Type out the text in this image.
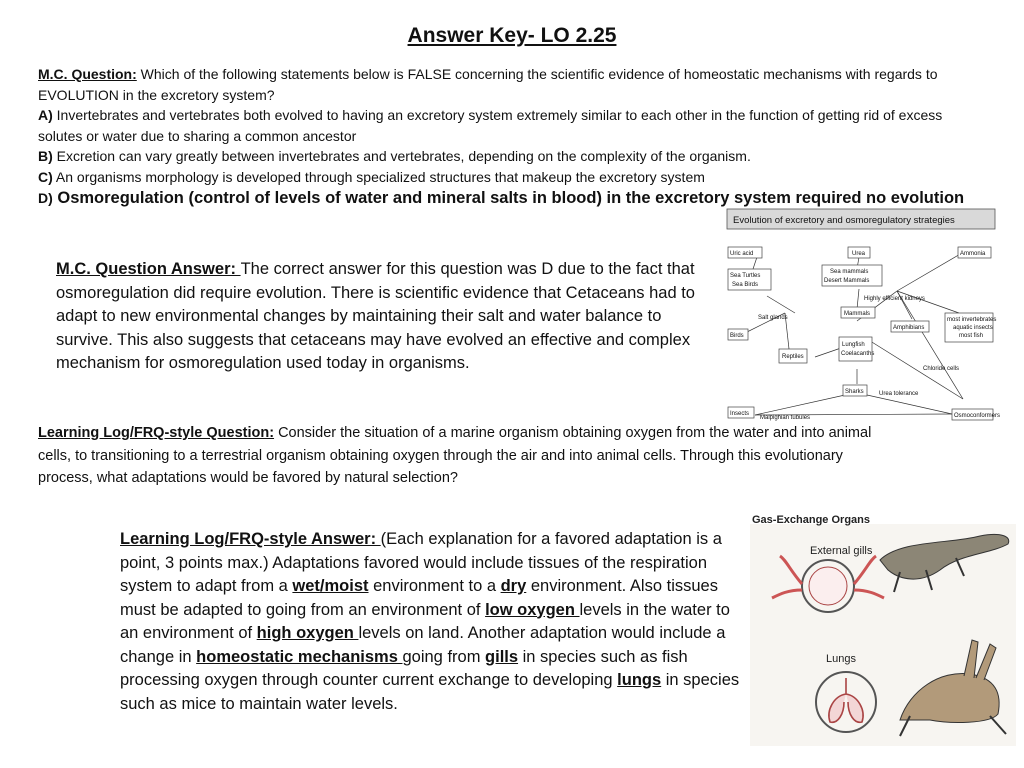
Answer Key- LO 2.25

M.C. Question: Which of the following statements below is FALSE concerning the scientific evidence of homeostatic mechanisms with regards to EVOLUTION in the excretory system?

A) Invertebrates and vertebrates both evolved to having an excretory system extremely similar to each other in the function of getting rid of excess solutes or water due to sharing a common ancestor

B) Excretion can vary greatly between invertebrates and vertebrates, depending on the complexity of the organism.

C) An organisms morphology is developed through specialized structures that makeup the excretory system

D) Osmoregulation (control of levels of water and mineral salts in blood) in the excretory system required no evolution

M.C. Question Answer: The correct answer for this question was D due to the fact that osmoregulation did require evolution. There is scientific evidence that Cetaceans had to adapt to new environmental changes by maintaining their salt and water balance to survive. This also suggests that cetaceans may have evolved an effective and complex mechanism for osmoregulation used today in organisms.

Learning Log/FRQ-style Question: Consider the situation of a marine organism obtaining oxygen from the water and into animal cells, to transitioning to a terrestrial organism obtaining oxygen through the air and into animal cells. Through this evolutionary process, what adaptations would be favored by natural selection?

Learning Log/FRQ-style Answer: (Each explanation for a favored adaptation is a point, 3 points max.) Adaptations favored would include tissues of the respiration system to adapt from a wet/moist environment to a dry environment. Also tissues must be adapted to going from an environment of low oxygen levels in the water to an environment of high oxygen levels on land. Another adaptation would include a change in homeostatic mechanisms going from gills in species such as fish processing oxygen through counter current exchange to developing lungs in species such as mice to maintain water levels.

Evolution of excretory and osmoregulatory strategies
Uric acid	Urea	Ammonia
Sea Turtles
Sea Birds
Sea mammals
Desert Mammals
Highly efficient kidneys
Salt glands
Mammals
most invertebrates
aquatic insects
most fish
Amphibians
Birds
Lungfish
Coelacanths
Reptiles
Chloride cells
Sharks	Urea tolerance
Insects
Malpighian tubules	Osmoconformers
Gas-Exchange Organs
External gills
Lungs
